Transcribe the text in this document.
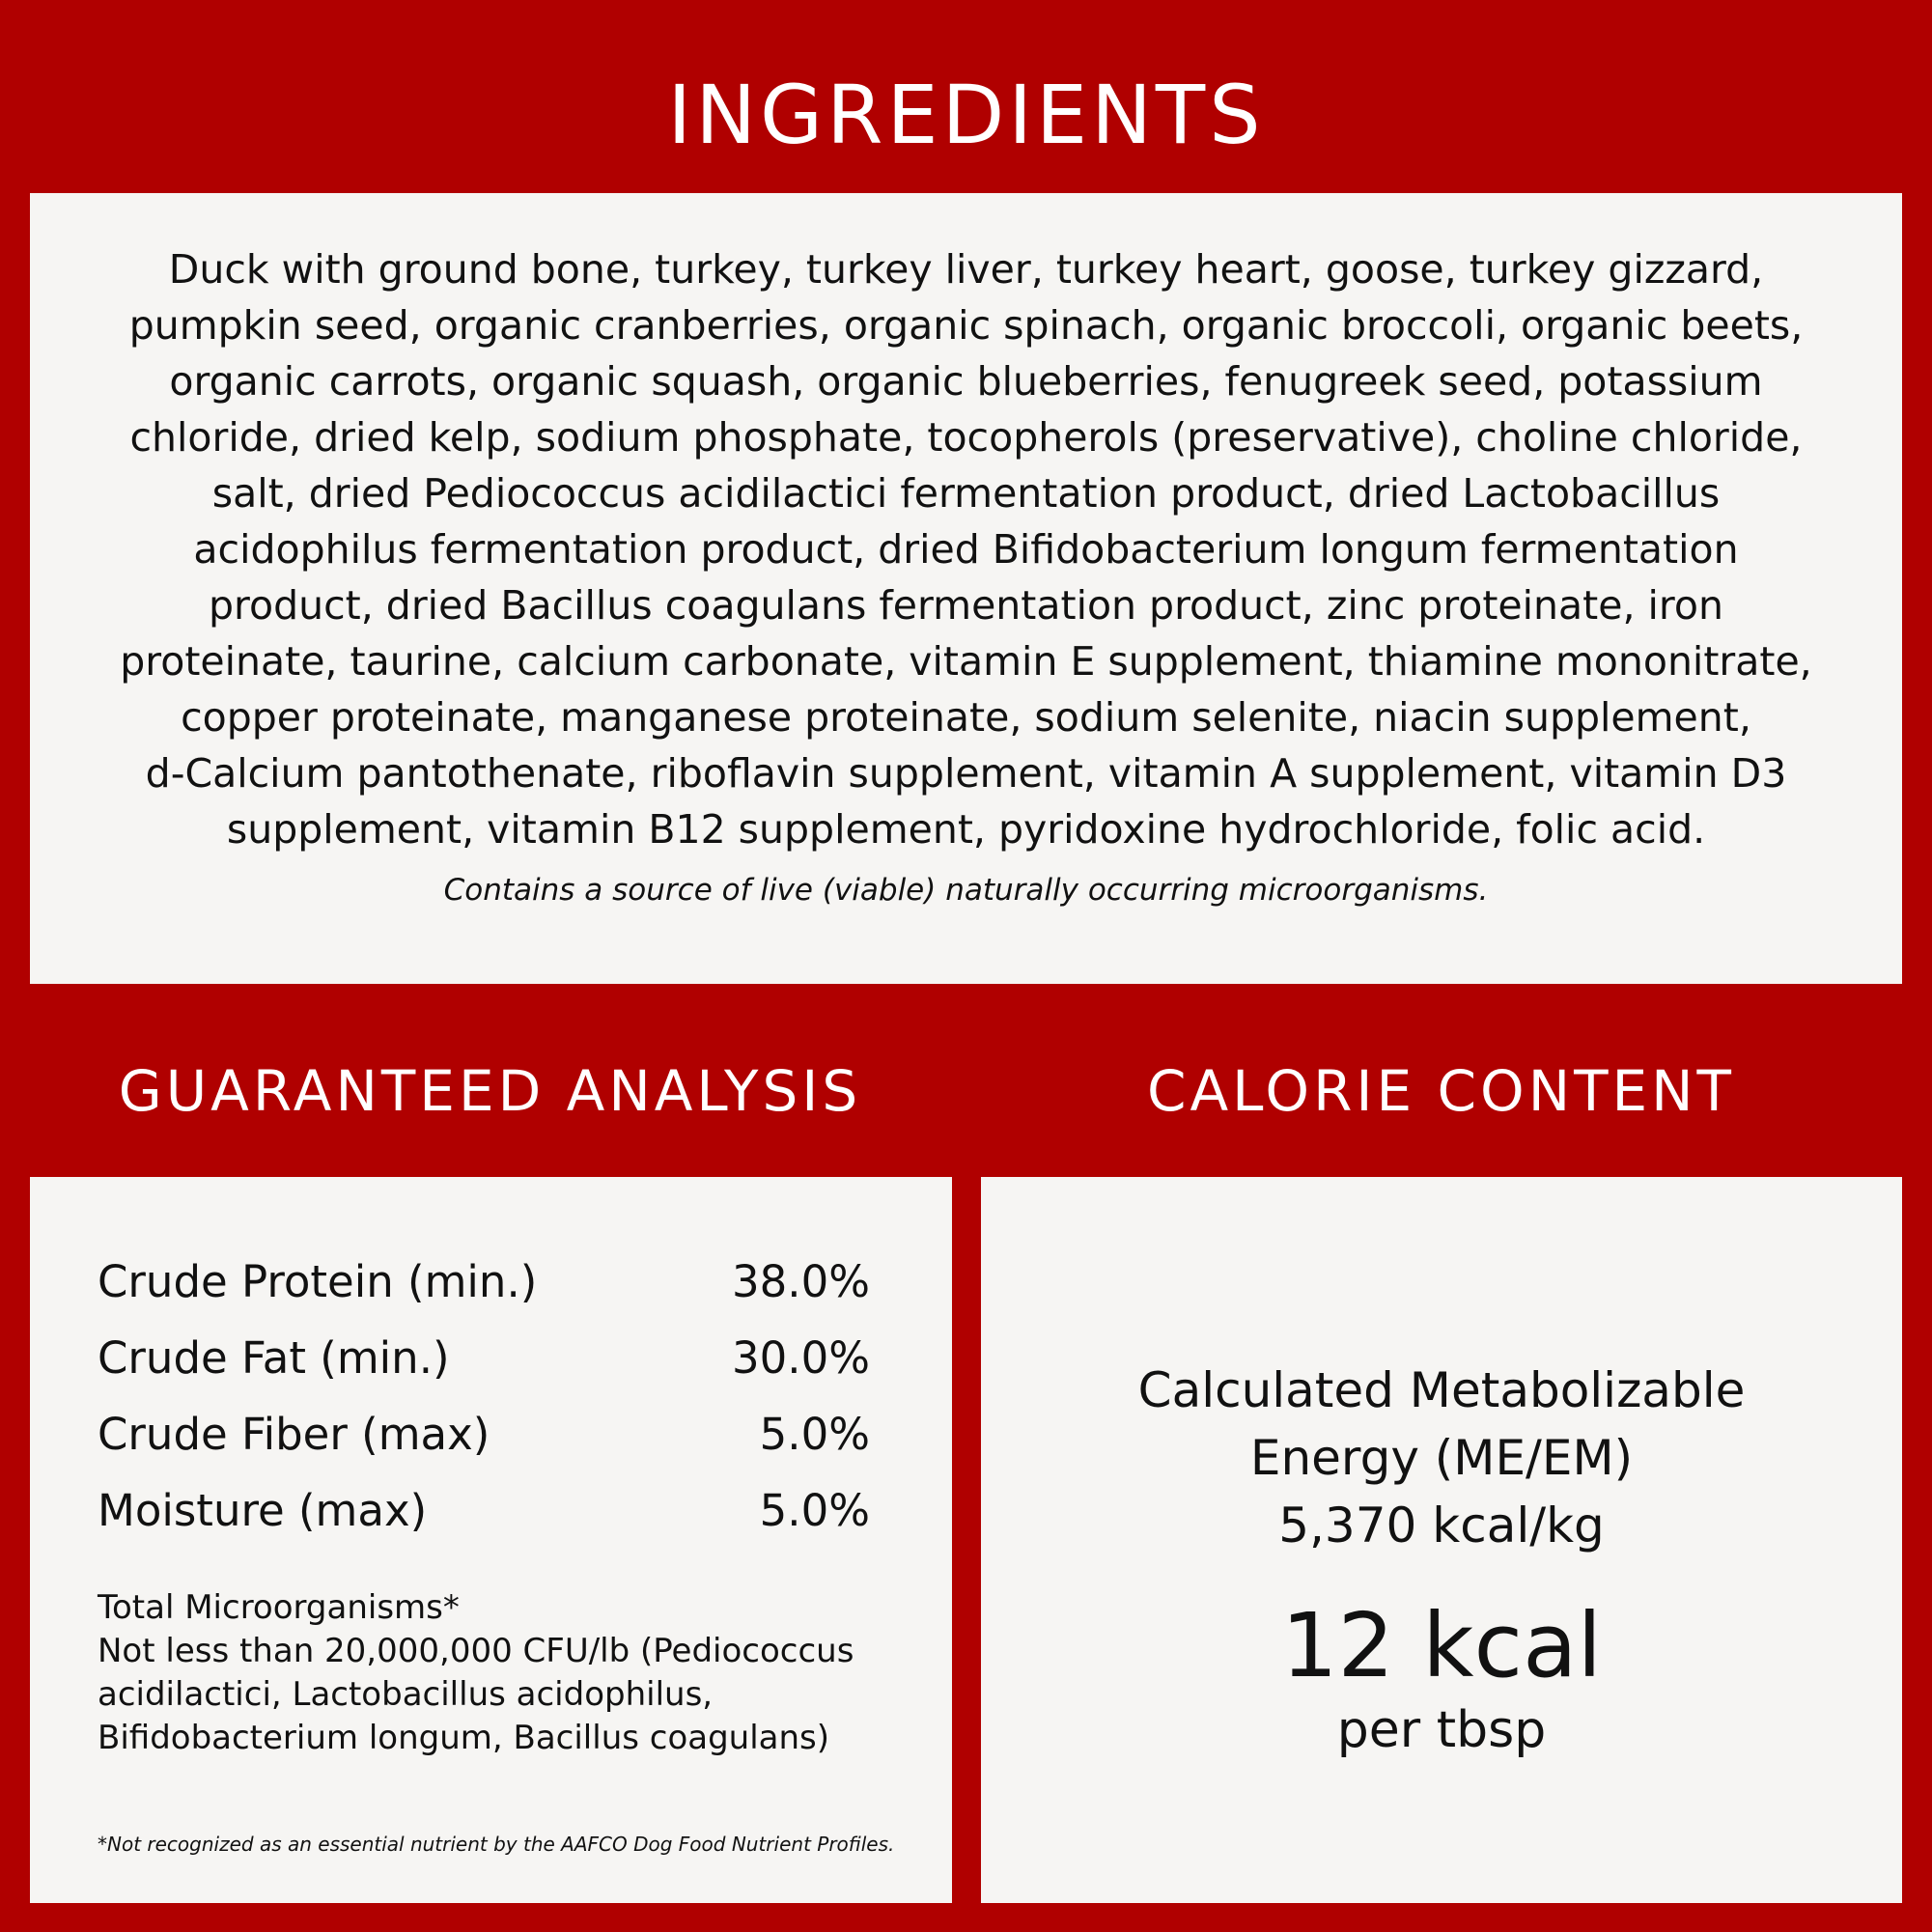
INGREDIENTS

Duck with ground bone, turkey, turkey liver, turkey heart, goose, turkey gizzard,
pumpkin seed, organic cranberries, organic spinach, organic broccoli, organic beets,
organic carrots, organic squash, organic blueberries, fenugreek seed, potassium
chloride, dried kelp, sodium phosphate, tocopherols (preservative), choline chloride,
salt, dried Pediococcus acidilactici fermentation product, dried Lactobacillus
acidophilus fermentation product, dried Bifidobacterium longum fermentation
product, dried Bacillus coagulans fermentation product, zinc proteinate, iron
proteinate, taurine, calcium carbonate, vitamin E supplement, thiamine mononitrate,
copper proteinate, manganese proteinate, sodium selenite, niacin supplement,
d-Calcium pantothenate, riboflavin supplement, vitamin A supplement, vitamin D3
supplement, vitamin B12 supplement, pyridoxine hydrochloride, folic acid.

Contains a source of live (viable) naturally occurring microorganisms.

GUARANTEED ANALYSIS	CALORIE CONTENT
Crude Protein (min.)	38.0%
Crude Fat (min.)	30.0%
Crude Fiber (max)	5.0%
Moisture (max)	5.0%
Total Microorganisms*
Not less than 20,000,000 CFU/lb (Pediococcus
acidilactici, Lactobacillus acidophilus,
Bifidobacterium longum, Bacillus coagulans)
*Not recognized as an essential nutrient by the AAFCO Dog Food Nutrient Profiles.
Calculated Metabolizable
Energy (ME/EM)
5,370 kcal/kg
12 kcal
per tbsp
